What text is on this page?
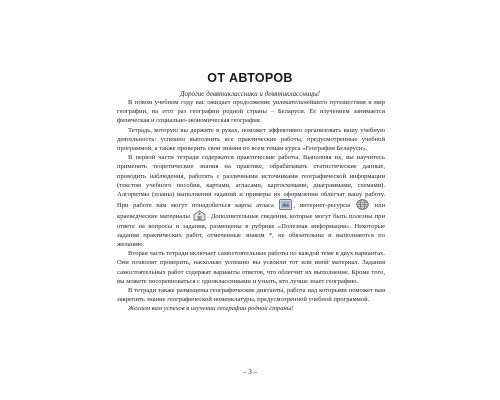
ОТ АВТОРОВ
Дорогие девятиклассники и девятиклассницы!

В новом учебном году вас ожидает продолжение увлекательнейшего путешествия в мир географии, на этот раз географии родной страны – Беларуси. Ее изучением занимается физическая и социально-экономическая география.

Тетрадь, которую вы держите в руках, поможет эффективно организовать вашу учебную деятельность: успешно выполнить все практические работы, предусмотренные учебной программой, а также проверить свои знания по всем темам курса «География Беларуси».

В первой части тетради содержатся практические работы. Выполняя их, вы научитесь применять теоретические знания на практике, обрабатывать статистические данные, проводить наблюдения, работать с различными источниками географической информации (текстом учебного пособия, картами, атласами, картосхемами, диаграммами, схемами). Алгоритмы (планы) выполнения заданий и примеры их оформления облегчат вашу работу. При работе вам могут понадобиться карты атласа	, интернет-ресурсы	или краеведческие материалы	. Дополнительные сведения, которые могут быть полезны при ответе на вопросы и задания, размещены в рубрике «Полезная информация». Некоторые задания практических работ, отмеченные знаком *, не обязательны и выполняются по желанию.

Вторая часть тетради включает самостоятельные работы по каждой теме в двух вариантах. Они позволят проверить, насколько успешно вы усвоили тот или иной материал. Задания самостоятельных работ содержат варианты ответов, что облегчит их выполнение. Кроме того, вы можете посоревноваться с одноклассниками и узнать, кто лучше знает географию.

В тетради также размещены географические диктанты, работа над которыми поможет вам закрепить знание географической номенклатуры, предусмотренной учебной программой.

Желаем вам успехов в изучении географии родной страны!

– 3 –
